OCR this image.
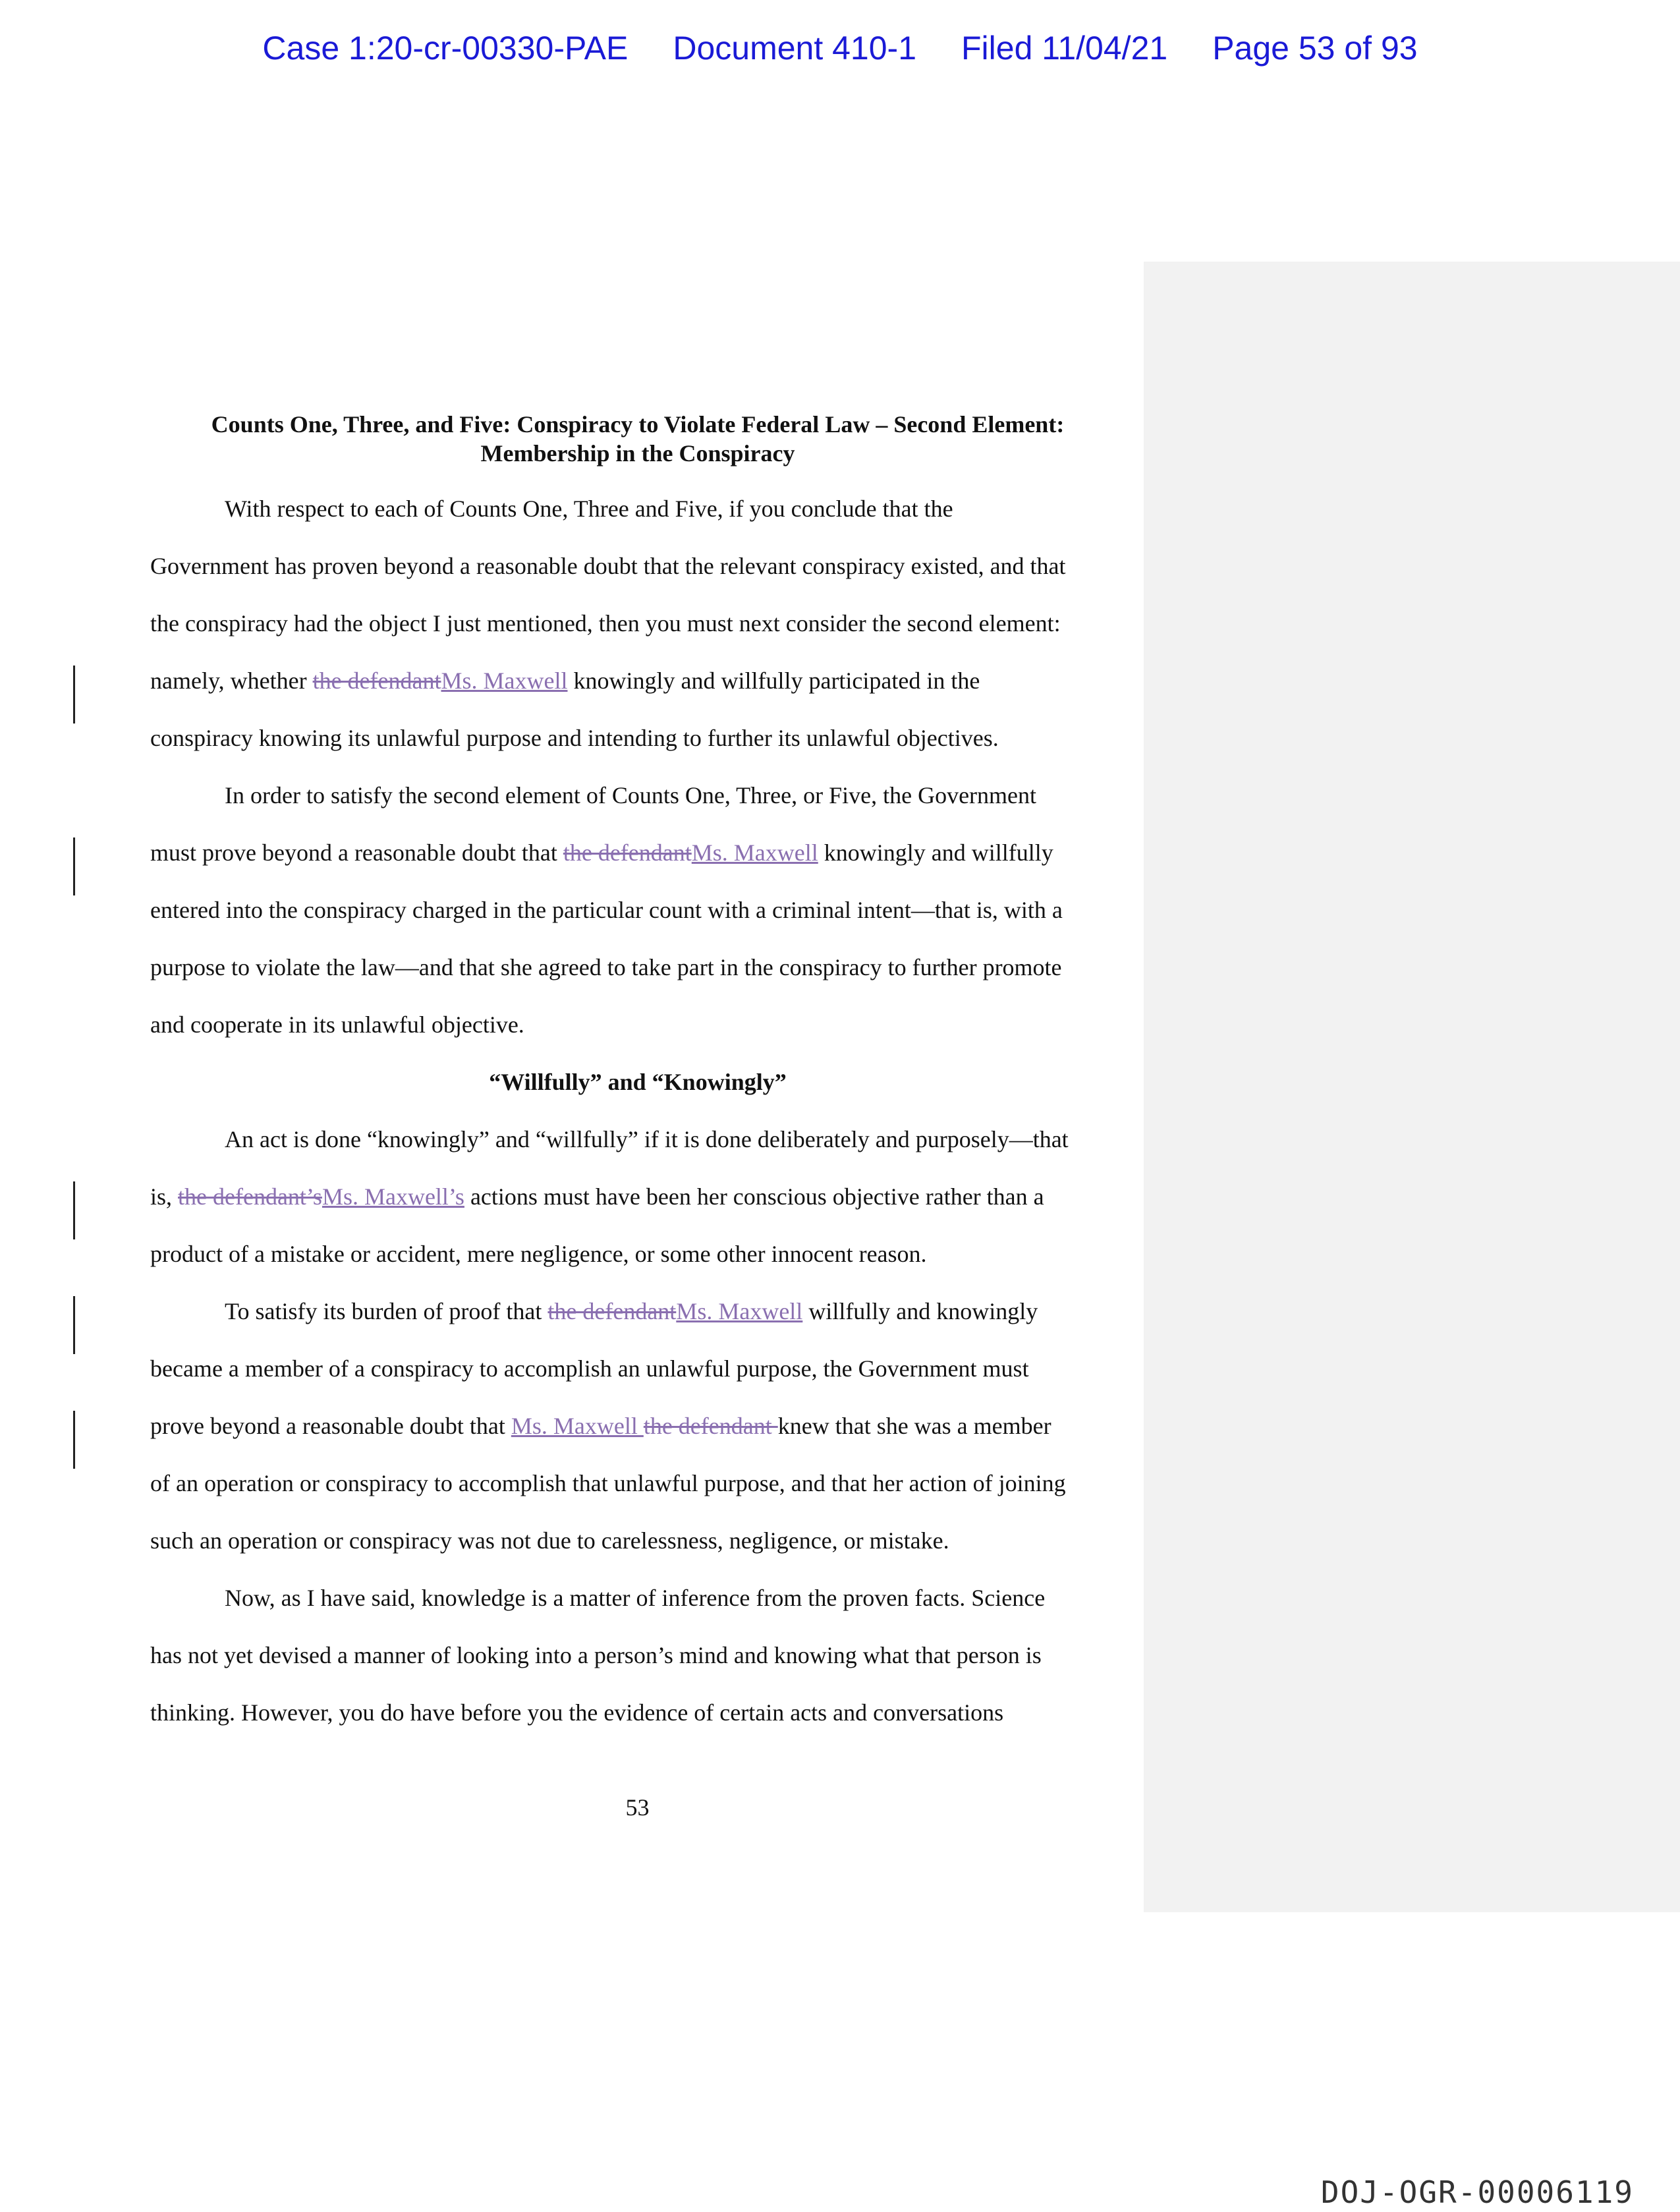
Case 1:20-cr-00330-PAE Document 410-1 Filed 11/04/21 Page 53 of 93
Counts One, Three, and Five: Conspiracy to Violate Federal Law – Second Element:
Membership in the Conspiracy
With respect to each of Counts One, Three and Five, if you conclude that the
Government has proven beyond a reasonable doubt that the relevant conspiracy existed, and that
the conspiracy had the object I just mentioned, then you must next consider the second element:
namely, whether the defendantMs. Maxwell knowingly and willfully participated in the
conspiracy knowing its unlawful purpose and intending to further its unlawful objectives.
In order to satisfy the second element of Counts One, Three, or Five, the Government
must prove beyond a reasonable doubt that the defendantMs. Maxwell knowingly and willfully
entered into the conspiracy charged in the particular count with a criminal intent—that is, with a
purpose to violate the law—and that she agreed to take part in the conspiracy to further promote
and cooperate in its unlawful objective.
“Willfully” and “Knowingly”
An act is done “knowingly” and “willfully” if it is done deliberately and purposely—that
is, the defendant’sMs. Maxwell’s actions must have been her conscious objective rather than a
product of a mistake or accident, mere negligence, or some other innocent reason.
To satisfy its burden of proof that the defendantMs. Maxwell willfully and knowingly
became a member of a conspiracy to accomplish an unlawful purpose, the Government must
prove beyond a reasonable doubt that Ms. Maxwell the defendant knew that she was a member
of an operation or conspiracy to accomplish that unlawful purpose, and that her action of joining
such an operation or conspiracy was not due to carelessness, negligence, or mistake.
Now, as I have said, knowledge is a matter of inference from the proven facts. Science
has not yet devised a manner of looking into a person’s mind and knowing what that person is
thinking. However, you do have before you the evidence of certain acts and conversations
53
DOJ-OGR-00006119
